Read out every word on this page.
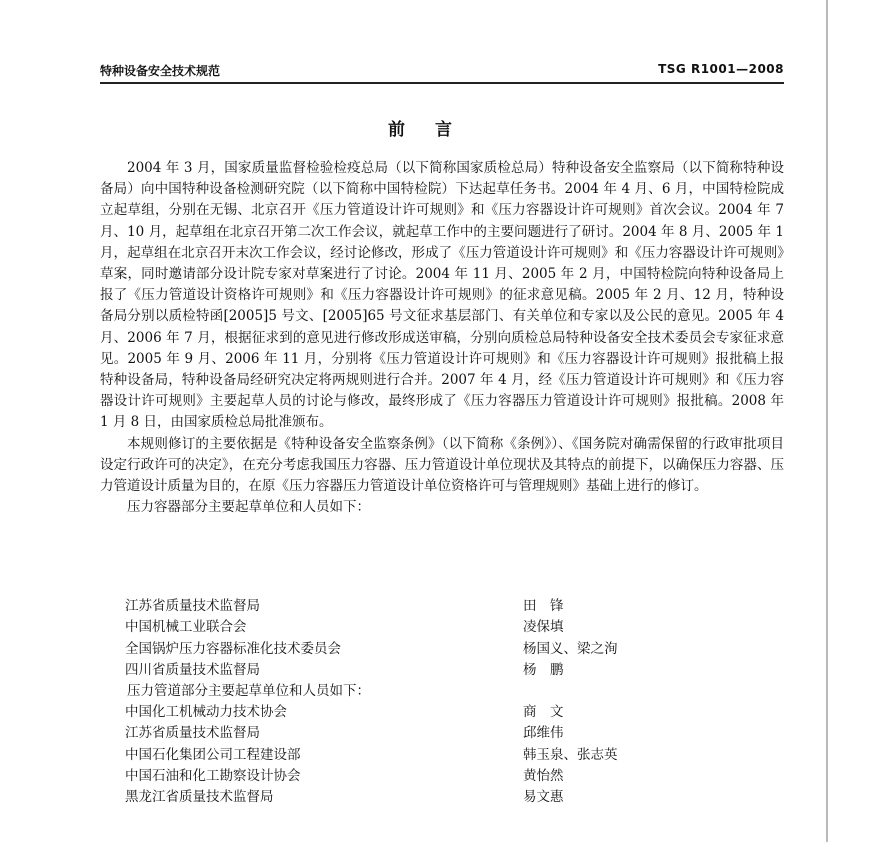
特种设备安全技术规范	TSG R1001—2008
前言

2004 年 3 月，国家质量监督检验检疫总局（以下简称国家质检总局）特种设备安全监察局（以下简称特种设备局）向中国特种设备检测研究院（以下简称中国特检院）下达起草任务书。2004 年 4 月、6 月，中国特检院成立起草组，分别在无锡、北京召开《压力管道设计许可规则》和《压力容器设计许可规则》首次会议。2004 年 7 月、10 月，起草组在北京召开第二次工作会议，就起草工作中的主要问题进行了研讨。2004 年 8 月、2005 年 1 月，起草组在北京召开末次工作会议，经讨论修改，形成了《压力管道设计许可规则》和《压力容器设计许可规则》草案，同时邀请部分设计院专家对草案进行了讨论。2004 年 11 月、2005 年 2 月，中国特检院向特种设备局上报了《压力管道设计资格许可规则》和《压力容器设计许可规则》的征求意见稿。2005 年 2 月、12 月，特种设备局分别以质检特函[2005]5 号文、[2005]65 号文征求基层部门、有关单位和专家以及公民的意见。2005 年 4 月、2006 年 7 月，根据征求到的意见进行修改形成送审稿，分别向质检总局特种设备安全技术委员会专家征求意见。2005 年 9 月、2006 年 11 月，分别将《压力管道设计许可规则》和《压力容器设计许可规则》报批稿上报特种设备局，特种设备局经研究决定将两规则进行合并。2007 年 4 月，经《压力管道设计许可规则》和《压力容器设计许可规则》主要起草人员的讨论与修改，最终形成了《压力容器压力管道设计许可规则》报批稿。2008 年 1 月 8 日，由国家质检总局批准颁布。

本规则修订的主要依据是《特种设备安全监察条例》（以下简称《条例》）、《国务院对确需保留的行政审批项目设定行政许可的决定》，在充分考虑我国压力容器、压力管道设计单位现状及其特点的前提下，以确保压力容器、压力管道设计质量为目的，在原《压力容器压力管道设计单位资格许可与管理规则》基础上进行的修订。

压力容器部分主要起草单位和人员如下：

江苏省质量技术监督局	田　锋
中国机械工业联合会	凌保填
全国锅炉压力容器标准化技术委员会	杨国义、梁之洵
四川省质量技术监督局	杨　鹏
压力管道部分主要起草单位和人员如下：
中国化工机械动力技术协会	商　文
江苏省质量技术监督局	邱维伟
中国石化集团公司工程建设部	韩玉泉、张志英
中国石油和化工勘察设计协会	黄怡然
黑龙江省质量技术监督局	易文惠
